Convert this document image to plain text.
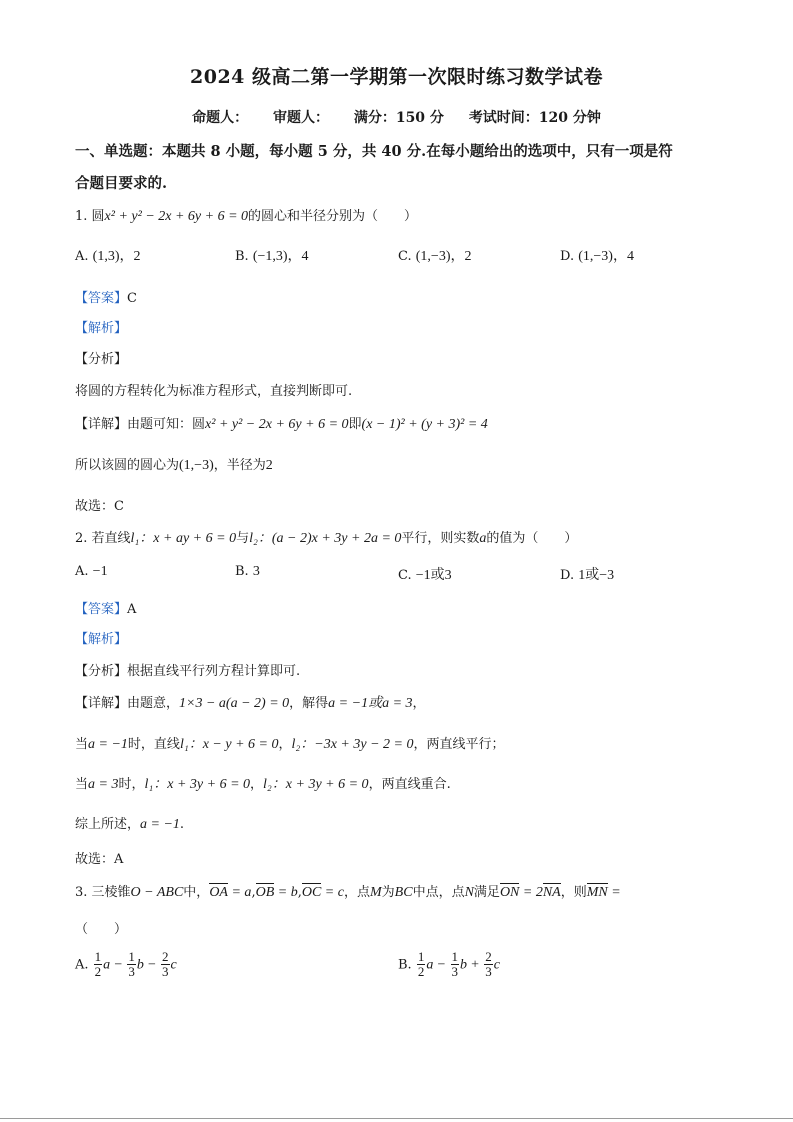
2024 级高二第一学期第一次限时练习数学试卷
命题人： 审题人： 满分：150 分 考试时间：120 分钟
一、单选题：本题共 8 小题，每小题 5 分，共 40 分.在每小题给出的选项中，只有一项是符
合题目要求的.
1. 圆x² + y² − 2x + 6y + 6 = 0的圆心和半径分别为（　　）
A. (1,3)，2	B. (−1,3)，4	C. (1,−3)，2	D. (1,−3)，4
【答案】C
【解析】
【分析】
将圆的方程转化为标准方程形式，直接判断即可.
【详解】由题可知：圆x² + y² − 2x + 6y + 6 = 0即(x − 1)² + (y + 3)² = 4
所以该圆的圆心为(1,−3)，半径为2
故选：C
2. 若直线l₁：x + ay + 6 = 0与l₂：(a − 2)x + 3y + 2a = 0平行，则实数a的值为（　　）
A. −1	B. 3	C. −1或3	D. 1或−3
【答案】A
【解析】
【分析】根据直线平行列方程计算即可.
【详解】由题意，1×3 − a(a − 2) = 0，解得a = −1或a = 3，
当a = −1时，直线l₁：x − y + 6 = 0，l₂：−3x + 3y − 2 = 0，两直线平行；
当a = 3时，l₁：x + 3y + 6 = 0，l₂：x + 3y + 6 = 0，两直线重合.
综上所述，a = −1.
故选：A
3. 三棱锥O − ABC中，OA = a,OB = b,OC = c，点M为BC中点，点N满足ON = 2NA，则MN =
（　　）
A. $\frac{1}{2}$ $a - \frac{1}{3}$ $b - \frac{2}{3}$ c	B. $\frac{1}{2}$ $a - \frac{1}{3}$ $b + \frac{2}{3}$ c
